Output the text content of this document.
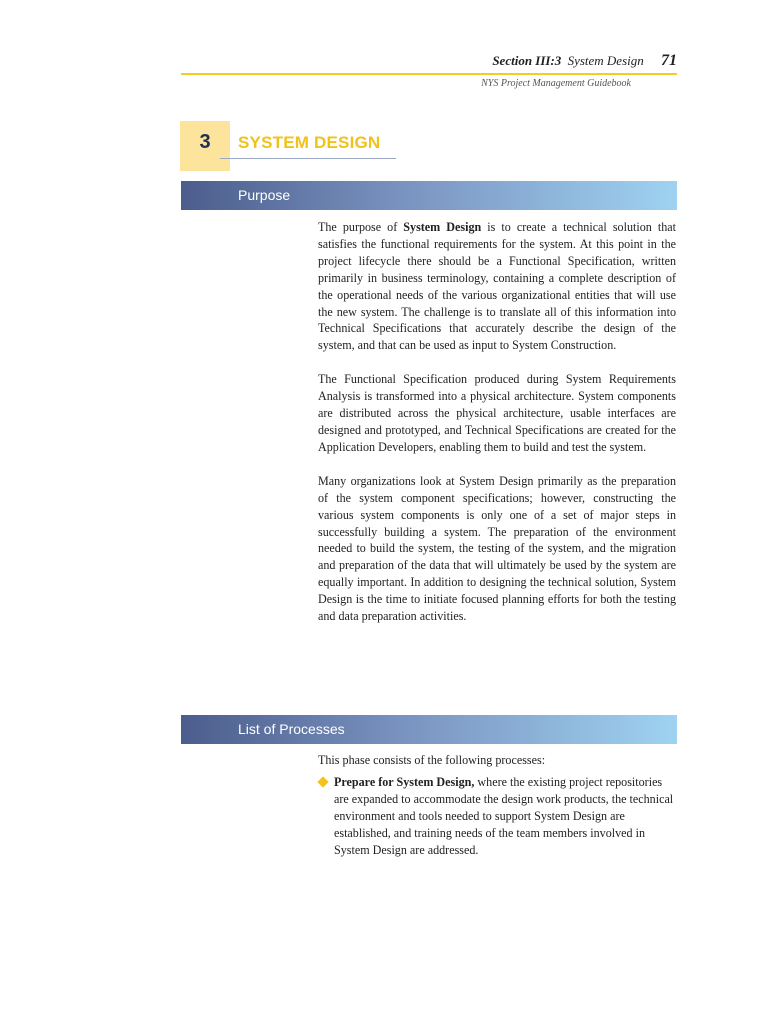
Section III:3 System Design 71
NYS Project Management Guidebook
3	SYSTEM DESIGN
Purpose

The purpose of System Design is to create a technical solution that satisfies the functional requirements for the system. At this point in the project lifecycle there should be a Functional Specification, written primarily in business terminology, containing a complete description of the operational needs of the various organizational entities that will use the new system. The challenge is to translate all of this information into Technical Specifications that accurately describe the design of the system, and that can be used as input to System Construction.

The Functional Specification produced during System Requirements Analysis is transformed into a physical architecture. System components are distributed across the physical architecture, usable interfaces are designed and prototyped, and Technical Specifications are created for the Application Developers, enabling them to build and test the system.

Many organizations look at System Design primarily as the preparation of the system component specifications; however, constructing the various system components is only one of a set of major steps in successfully building a system. The preparation of the environment needed to build the system, the testing of the system, and the migration and preparation of the data that will ultimately be used by the system are equally important. In addition to designing the technical solution, System Design is the time to initiate focused planning efforts for both the testing and data preparation activities.

List of Processes
This phase consists of the following processes:
Prepare for System Design, where the existing project repositories are expanded to accommodate the design work products, the technical environment and tools needed to support System Design are established, and training needs of the team members involved in System Design are addressed.
